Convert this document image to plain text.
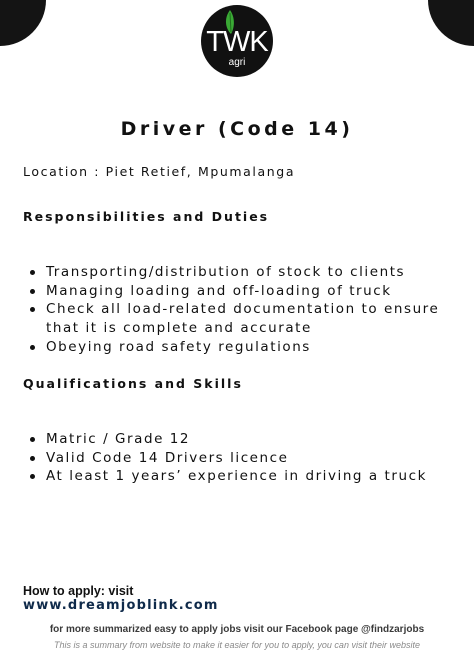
TWK
agri
Driver (Code 14)
Location : Piet Retief, Mpumalanga
Responsibilities and Duties
Transporting/distribution of stock to clients
Managing loading and off-loading of truck
Check all load-related documentation to ensure that it is complete and accurate
Obeying road safety regulations
Qualifications and Skills
Matric / Grade 12
Valid Code 14 Drivers licence
At least 1 years’ experience in driving a truck
How to apply: visit
www.dreamjoblink.com
for more summarized easy to apply jobs visit our Facebook page @findzarjobs
This is a summary from website to make it easier for you to apply, you can visit their website
